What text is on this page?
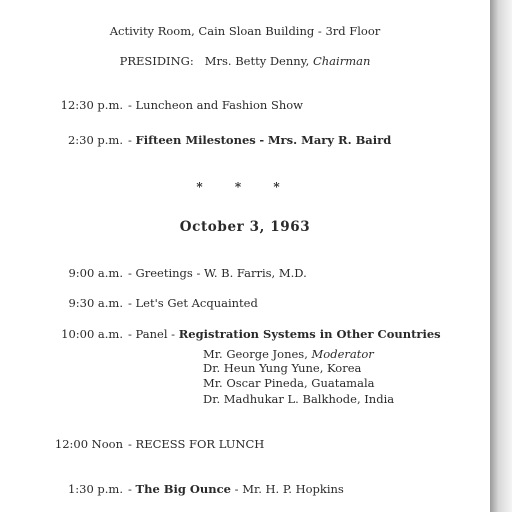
Activity Room, Cain Sloan Building - 3rd Floor
PRESIDING: Mrs. Betty Denny, Chairman
12:30 p.m. - Luncheon and Fashion Show
2:30 p.m. - Fifteen Milestones - Mrs. Mary R. Baird
* * *
October 3, 1963
9:00 a.m. - Greetings - W. B. Farris, M.D.
9:30 a.m. - Let's Get Acquainted
10:00 a.m. - Panel - Registration Systems in Other Countries
Mr. George Jones, Moderator
Dr. Heun Yung Yune, Korea
Mr. Oscar Pineda, Guatamala
Dr. Madhukar L. Balkhode, India
12:00 Noon - RECESS FOR LUNCH
1:30 p.m. - The Big Ounce - Mr. H. P. Hopkins
